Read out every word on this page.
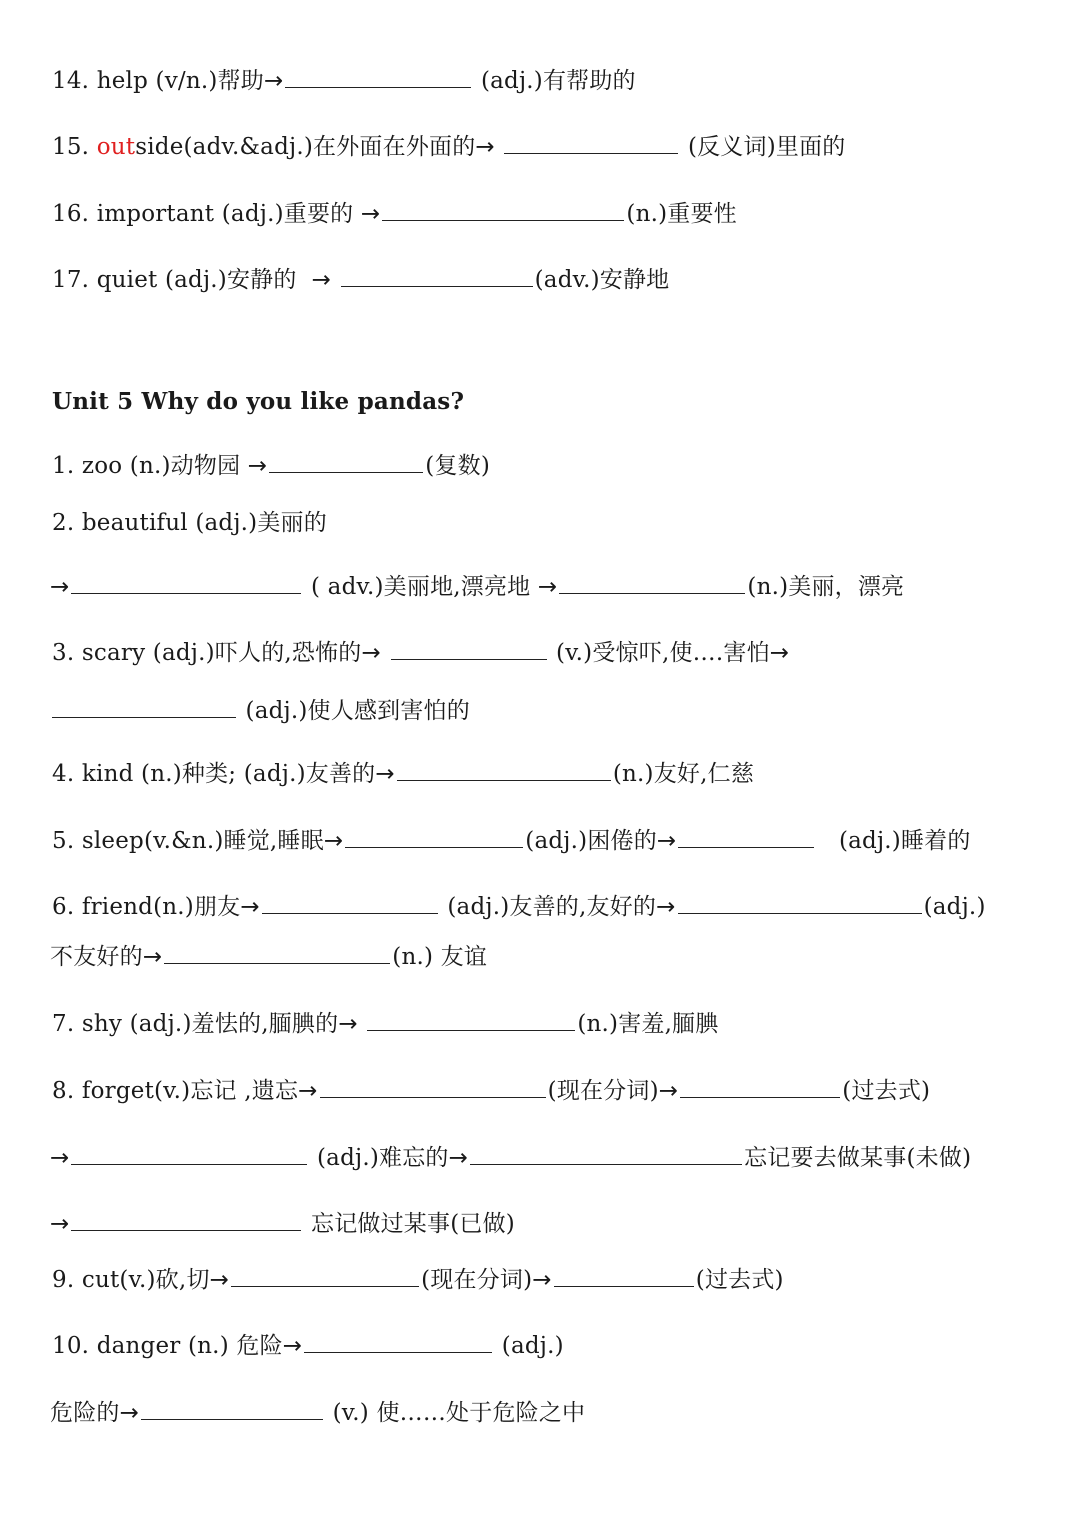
14. help (v/n.)帮助→	(adj.)有帮助的
15. outside(adv.&adj.)在外面在外面的→	(反义词)里面的
16. important (adj.)重要的 →	(n.)重要性
17. quiet (adj.)安静的 →	(adv.)安静地
Unit 5 Why do you like pandas?
1. zoo (n.)动物园 →	(复数)
2. beautiful (adj.)美丽的
→	( adv.)美丽地,漂亮地 →	(n.)美丽，漂亮
3. scary (adj.)吓人的,恐怖的→	(v.)受惊吓,使….害怕→
(adj.)使人感到害怕的
4. kind (n.)种类; (adj.)友善的→	(n.)友好,仁慈
5. sleep(v.&n.)睡觉,睡眠→	(adj.)困倦的→	(adj.)睡着的
6. friend(n.)朋友→	(adj.)友善的,友好的→	(adj.)
不友好的→	(n.) 友谊
7. shy (adj.)羞怯的,腼腆的→	(n.)害羞,腼腆
8. forget(v.)忘记 ,遗忘→	(现在分词)→	(过去式)
→	(adj.)难忘的→	忘记要去做某事(未做)
→	忘记做过某事(已做)
9. cut(v.)砍,切→	(现在分词)→	(过去式)
10. danger (n.) 危险→	(adj.)
危险的→	(v.) 使……处于危险之中
